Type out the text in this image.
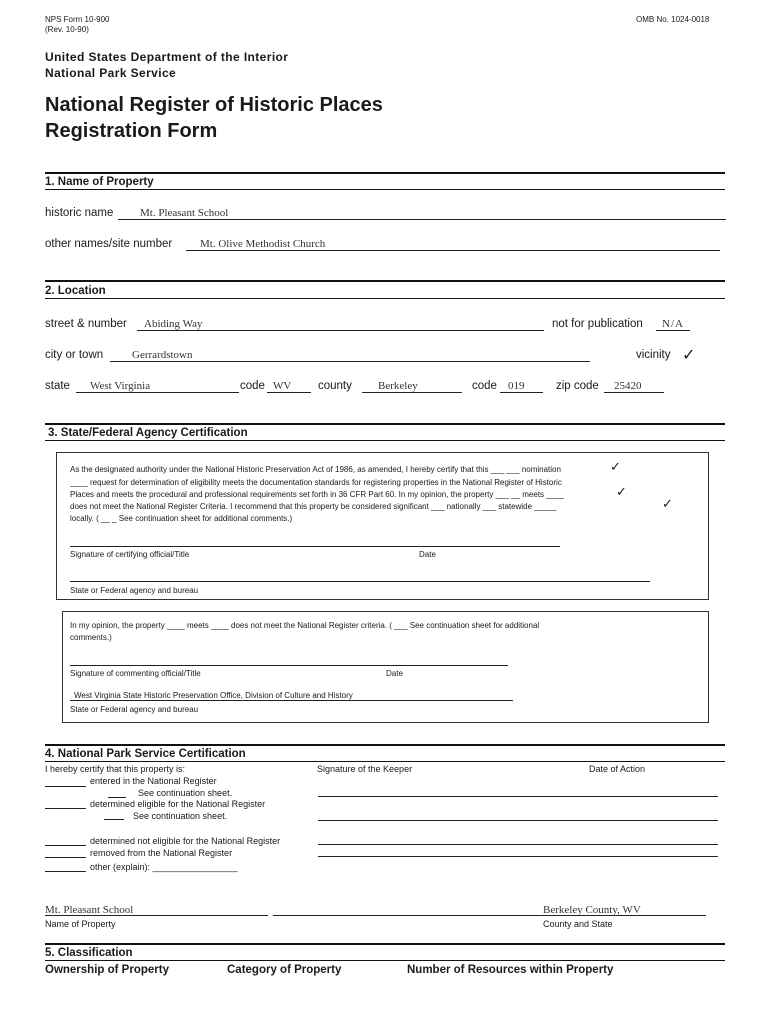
NPS Form 10-900
(Rev. 10-90)
OMB No. 1024-0018
United States Department of the Interior
National Park Service
National Register of Historic Places
Registration Form
1. Name of Property
historic name Mt. Pleasant School
other names/site number	Mt. Olive Methodist Church
2. Location
street & number Abiding Way	not for publication N/A
city or town	Gerrardstown	vicinity ✓
state West Virginia	code WV county Berkeley	code 019	zip code 25420
3. State/Federal Agency Certification
As the designated authority under the National Historic Preservation Act of 1986, as amended, I hereby certify that this ___ ___ nomination
____ request for determination of eligibility meets the documentation standards for registering properties in the National Register of Historic
Places and meets the procedural and professional requirements set forth in 36 CFR Part 60. In my opinion, the property ___ __ meets ____
does not meet the National Register Criteria. I recommend that this property be considered significant ___ nationally ___ statewide _____
locally. ( __ _ See continuation sheet for additional comments.)
✓
✓
✓
Signature of certifying official/Title	Date
State or Federal agency and bureau
In my opinion, the property ____ meets ____ does not meet the National Register criteria. ( ___ See continuation sheet for additional
comments.)
Signature of commenting official/Title	Date
West Virginia State Historic Preservation Office, Division of Culture and History
State or Federal agency and bureau
4. National Park Service Certification
I hereby certify that this property is:	Signature of the Keeper	Date of Action
entered in the National Register
See continuation sheet.
determined eligible for the National Register
See continuation sheet.
determined not eligible for the National Register
removed from the National Register
other (explain): _________________
Mt. Pleasant School	Berkeley County, WV
Name of Property	County and State
5. Classification
Ownership of Property	Category of Property	Number of Resources within Property
